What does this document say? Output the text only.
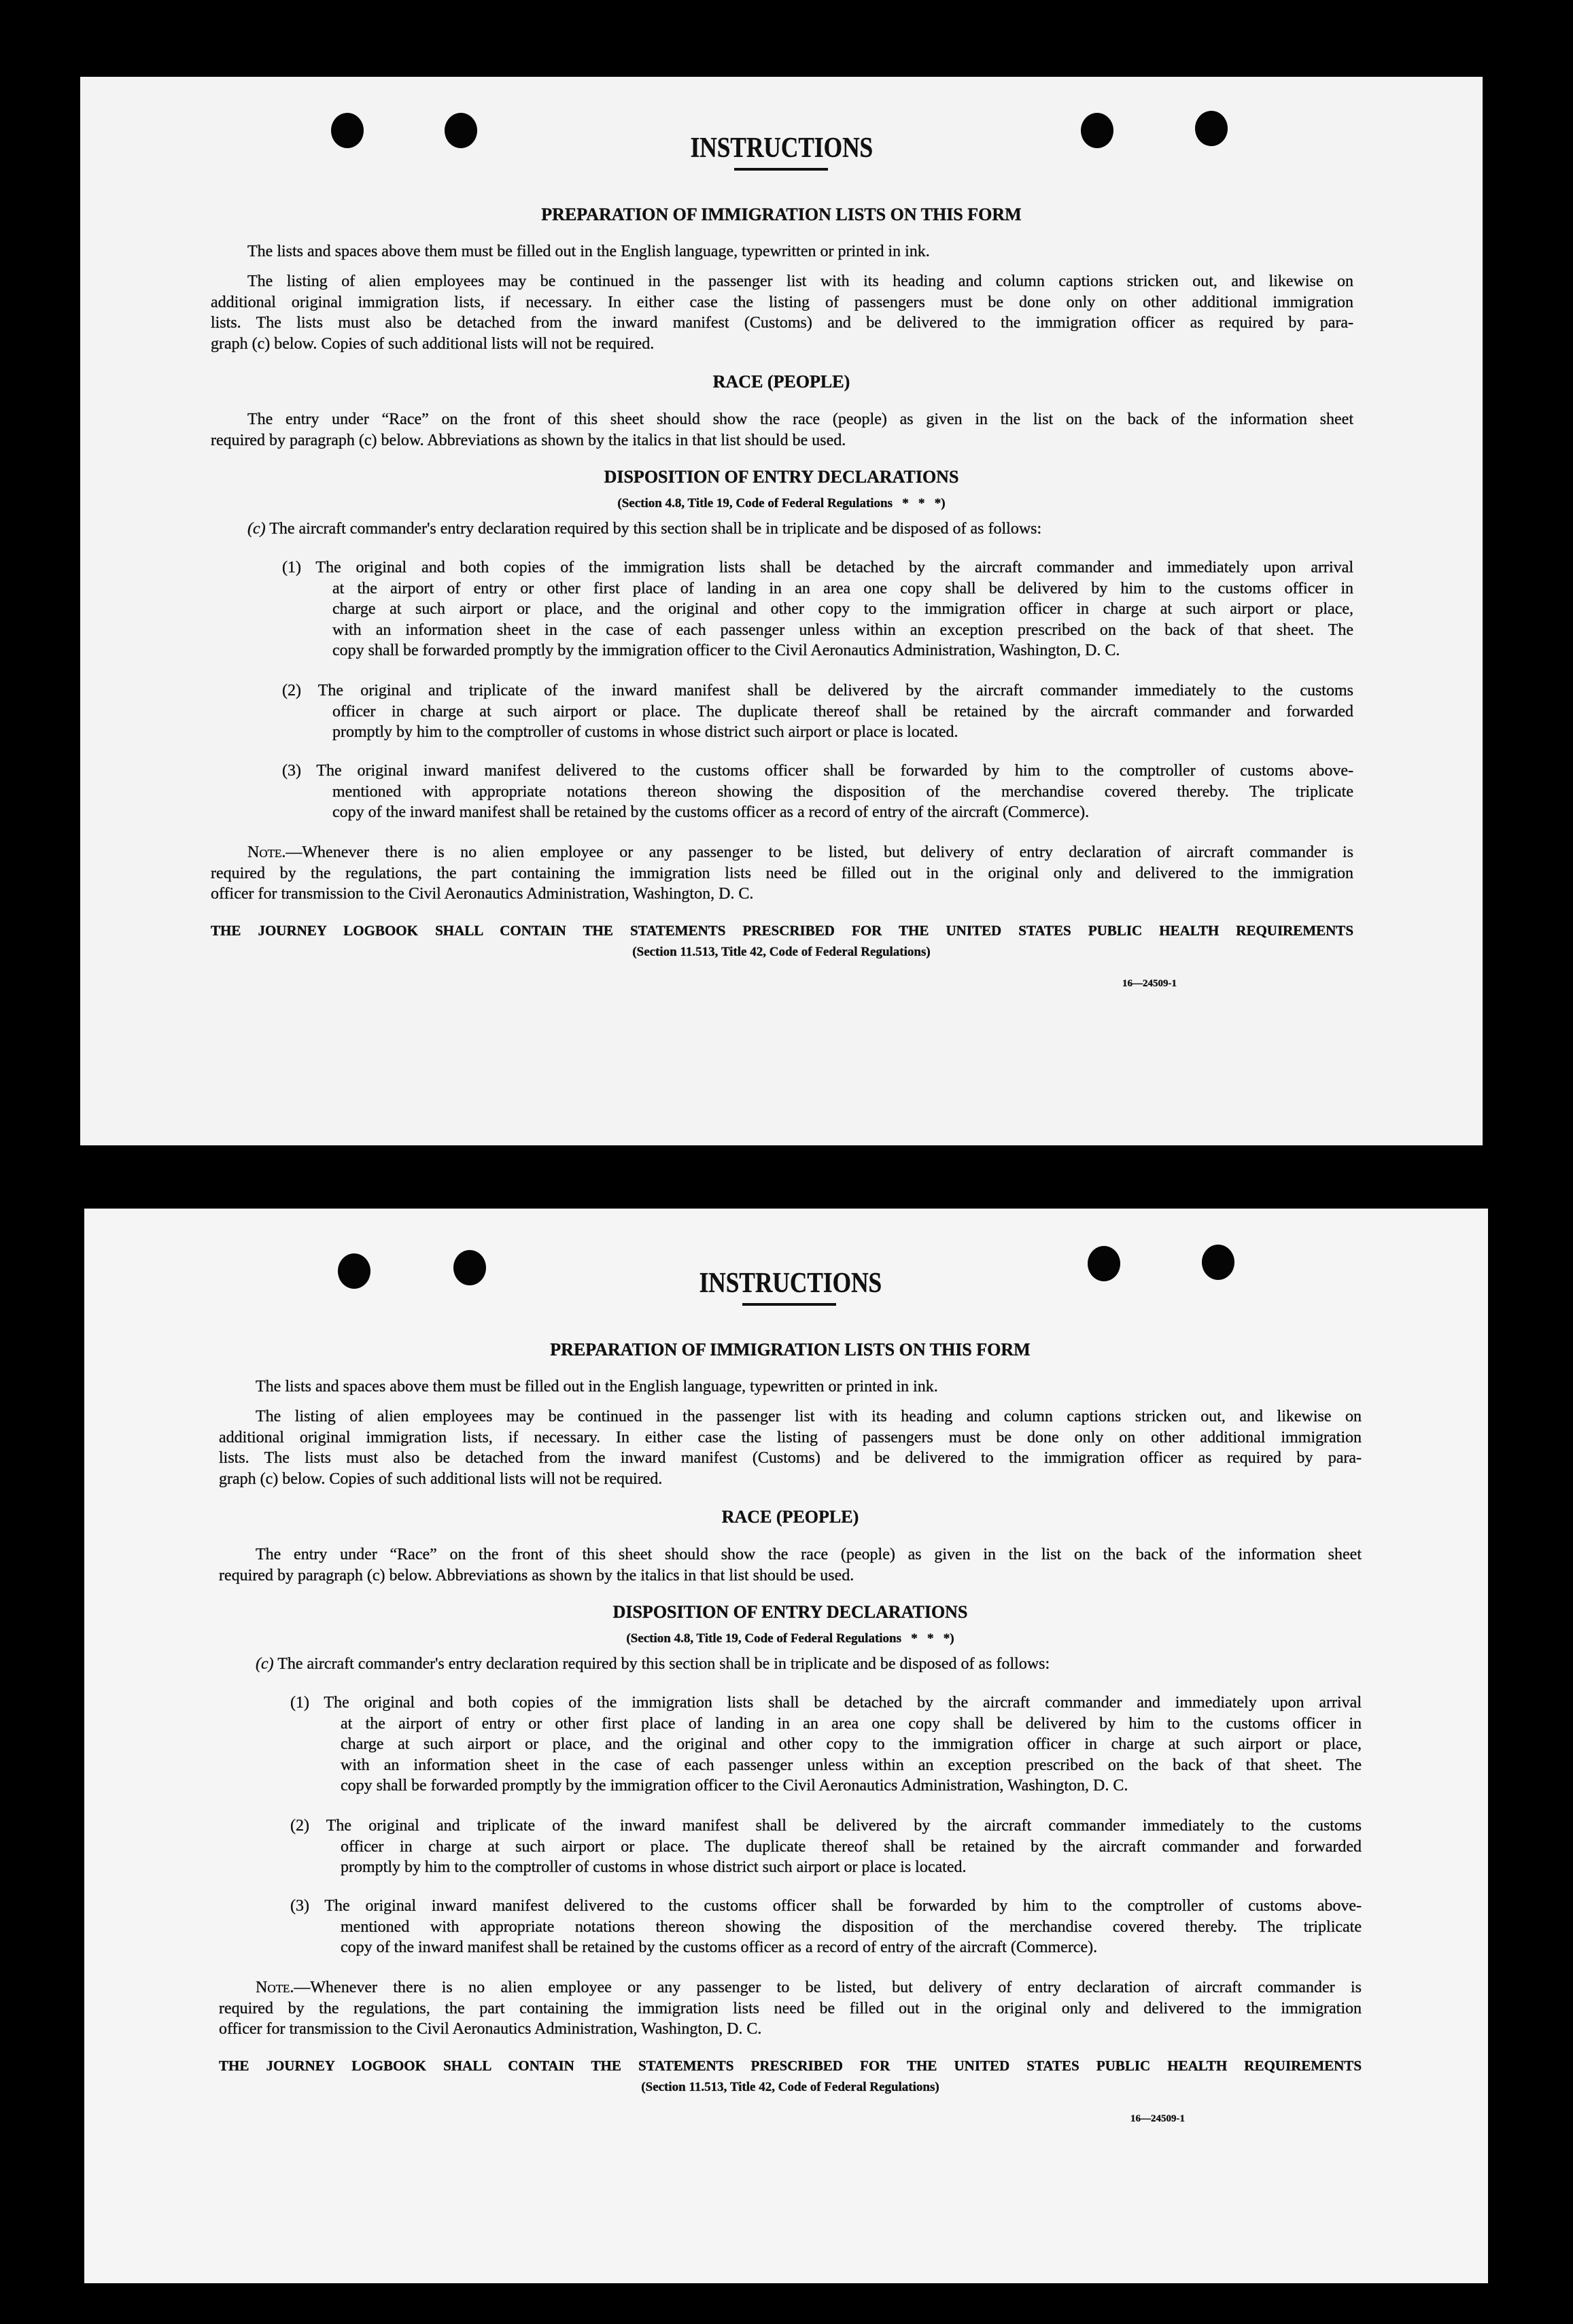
INSTRUCTIONS
PREPARATION OF IMMIGRATION LISTS ON THIS FORM
The lists and spaces above them must be filled out in the English language, typewritten or printed in ink.
The listing of alien employees may be continued in the passenger list with its heading and column captions stricken out, and likewise on
additional original immigration lists, if necessary. In either case the listing of passengers must be done only on other additional immigration
lists. The lists must also be detached from the inward manifest (Customs) and be delivered to the immigration officer as required by para-
graph (c) below. Copies of such additional lists will not be required.
RACE (PEOPLE)
The entry under “Race” on the front of this sheet should show the race (people) as given in the list on the back of the information sheet
required by paragraph (c) below. Abbreviations as shown by the italics in that list should be used.
DISPOSITION OF ENTRY DECLARATIONS
(Section 4.8, Title 19, Code of Federal Regulations   *   *   *)
(c) The aircraft commander's entry declaration required by this section shall be in triplicate and be disposed of as follows:
(1) The original and both copies of the immigration lists shall be detached by the aircraft commander and immediately upon arrival
at the airport of entry or other first place of landing in an area one copy shall be delivered by him to the customs officer in
charge at such airport or place, and the original and other copy to the immigration officer in charge at such airport or place,
with an information sheet in the case of each passenger unless within an exception prescribed on the back of that sheet. The
copy shall be forwarded promptly by the immigration officer to the Civil Aeronautics Administration, Washington, D. C.
(2) The original and triplicate of the inward manifest shall be delivered by the aircraft commander immediately to the customs
officer in charge at such airport or place. The duplicate thereof shall be retained by the aircraft commander and forwarded
promptly by him to the comptroller of customs in whose district such airport or place is located.
(3) The original inward manifest delivered to the customs officer shall be forwarded by him to the comptroller of customs above-
mentioned with appropriate notations thereon showing the disposition of the merchandise covered thereby. The triplicate
copy of the inward manifest shall be retained by the customs officer as a record of entry of the aircraft (Commerce).
Note.—Whenever there is no alien employee or any passenger to be listed, but delivery of entry declaration of aircraft commander is
required by the regulations, the part containing the immigration lists need be filled out in the original only and delivered to the immigration
officer for transmission to the Civil Aeronautics Administration, Washington, D. C.
THE JOURNEY LOGBOOK SHALL CONTAIN THE STATEMENTS PRESCRIBED FOR THE UNITED STATES PUBLIC HEALTH REQUIREMENTS
(Section 11.513, Title 42, Code of Federal Regulations)
16—24509-1
INSTRUCTIONS
PREPARATION OF IMMIGRATION LISTS ON THIS FORM
The lists and spaces above them must be filled out in the English language, typewritten or printed in ink.
The listing of alien employees may be continued in the passenger list with its heading and column captions stricken out, and likewise on
additional original immigration lists, if necessary. In either case the listing of passengers must be done only on other additional immigration
lists. The lists must also be detached from the inward manifest (Customs) and be delivered to the immigration officer as required by para-
graph (c) below. Copies of such additional lists will not be required.
RACE (PEOPLE)
The entry under “Race” on the front of this sheet should show the race (people) as given in the list on the back of the information sheet
required by paragraph (c) below. Abbreviations as shown by the italics in that list should be used.
DISPOSITION OF ENTRY DECLARATIONS
(Section 4.8, Title 19, Code of Federal Regulations   *   *   *)
(c) The aircraft commander's entry declaration required by this section shall be in triplicate and be disposed of as follows:
(1) The original and both copies of the immigration lists shall be detached by the aircraft commander and immediately upon arrival
at the airport of entry or other first place of landing in an area one copy shall be delivered by him to the customs officer in
charge at such airport or place, and the original and other copy to the immigration officer in charge at such airport or place,
with an information sheet in the case of each passenger unless within an exception prescribed on the back of that sheet. The
copy shall be forwarded promptly by the immigration officer to the Civil Aeronautics Administration, Washington, D. C.
(2) The original and triplicate of the inward manifest shall be delivered by the aircraft commander immediately to the customs
officer in charge at such airport or place. The duplicate thereof shall be retained by the aircraft commander and forwarded
promptly by him to the comptroller of customs in whose district such airport or place is located.
(3) The original inward manifest delivered to the customs officer shall be forwarded by him to the comptroller of customs above-
mentioned with appropriate notations thereon showing the disposition of the merchandise covered thereby. The triplicate
copy of the inward manifest shall be retained by the customs officer as a record of entry of the aircraft (Commerce).
Note.—Whenever there is no alien employee or any passenger to be listed, but delivery of entry declaration of aircraft commander is
required by the regulations, the part containing the immigration lists need be filled out in the original only and delivered to the immigration
officer for transmission to the Civil Aeronautics Administration, Washington, D. C.
THE JOURNEY LOGBOOK SHALL CONTAIN THE STATEMENTS PRESCRIBED FOR THE UNITED STATES PUBLIC HEALTH REQUIREMENTS
(Section 11.513, Title 42, Code of Federal Regulations)
16—24509-1
